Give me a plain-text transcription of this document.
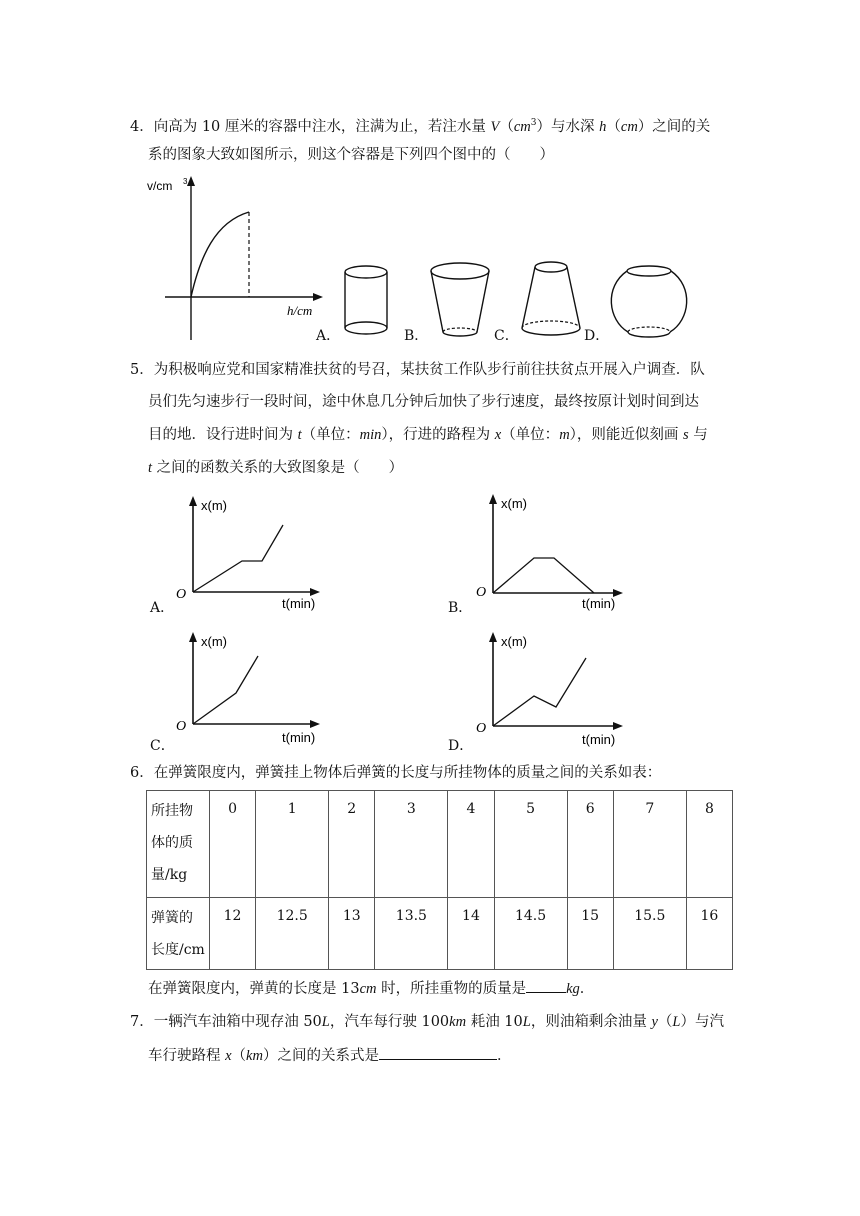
4．向高为 10 厘米的容器中注水，注满为止，若注水量 $V(cm^3)$与水深 h（cm）之间的关
系的图象大致如图所示，则这个容器是下列四个图中的（　　）
v/cm 3
h/cm
A．	B．	C．	D．
5．为积极响应党和国家精准扶贫的号召，某扶贫工作队步行前往扶贫点开展入户调查．队
员们先匀速步行一段时间，途中休息几分钟后加快了步行速度，最终按原计划时间到达
目的地．设行进时间为 t（单位：min），行进的路程为 x（单位：m），则能近似刻画 s 与
t 之间的函数关系的大致图象是（　　）
x(m)
O
t(min)
A．
x(m)
O
t(min)
B．
x(m)
O
t(min)
C．
x(m)
O
t(min)
D．
6．在弹簧限度内，弹簧挂上物体后弹簧的长度与所挂物体的质量之间的关系如表：
所挂物
体的质
量/kg	0	1	2	3	4	5	6	7	8

弹簧的
长度/cm	12	12.5	13	13.5	14	14.5	15	15.5	16
在弹簧限度内，弹黄的长度是 13cm 时，所挂重物的质量是	kg．
7．一辆汽车油箱中现存油 50L，汽车每行驶 100km 耗油 10L，则油箱剩余油量 y（L）与汽
车行驶路程 x（km）之间的关系式是	．
